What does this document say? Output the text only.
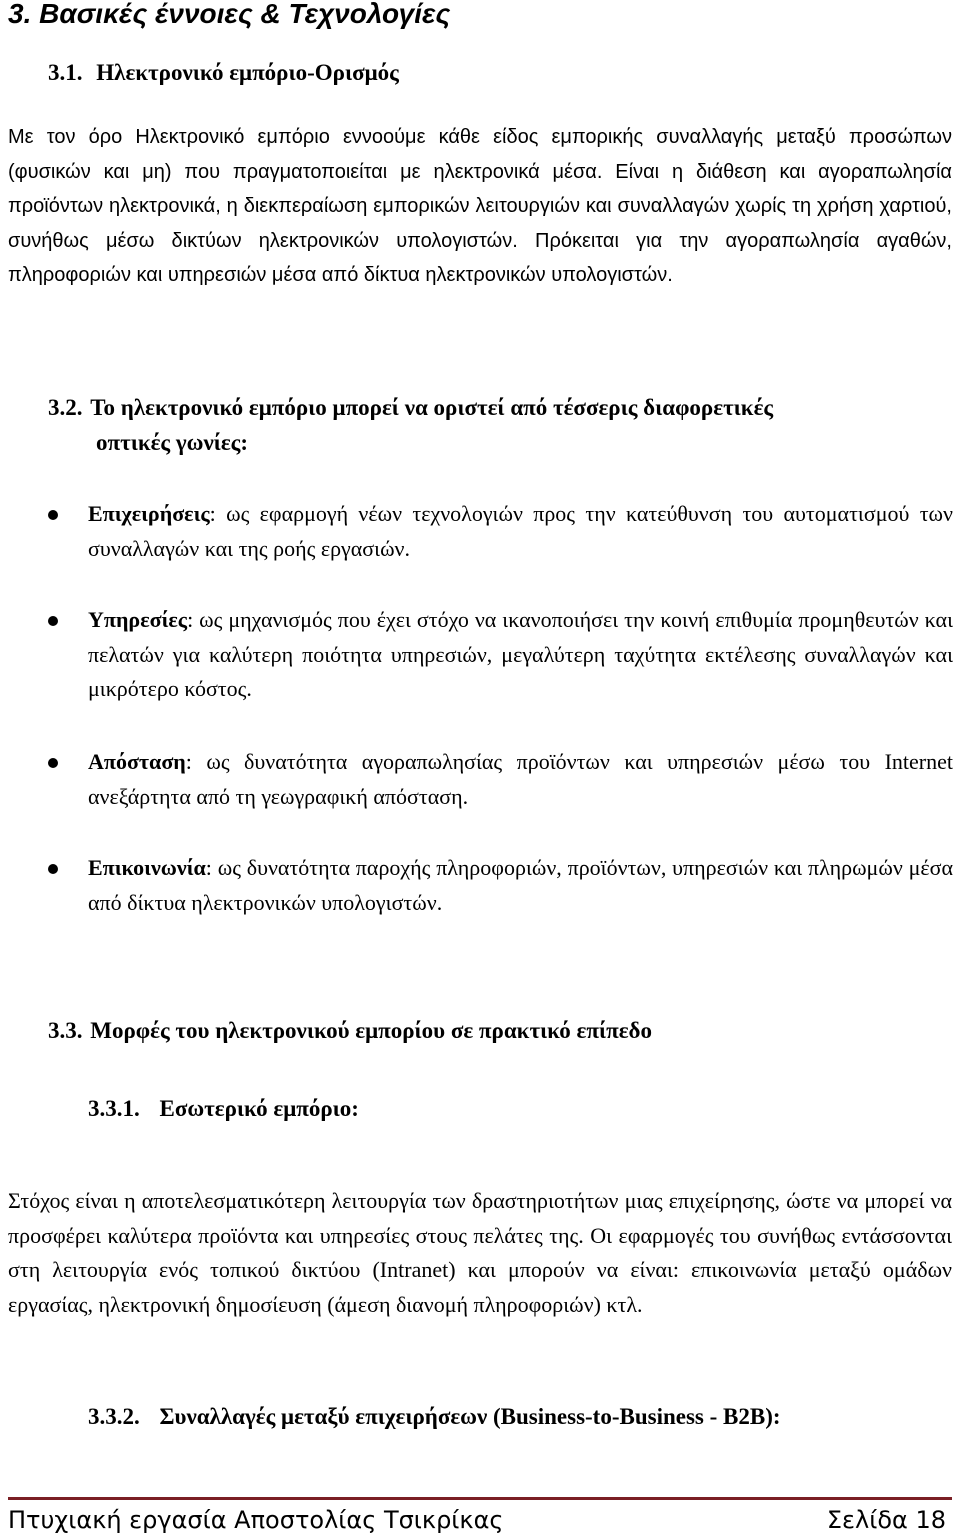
3. Βασικές έννοιες & Τεχνολογίες
3.1. Ηλεκτρονικό εμπόριο-Ορισμός

Με τον όρο Ηλεκτρονικό εμπόριο εννοούμε κάθε είδος εμπορικής συναλλαγής μεταξύ προσώπων (φυσικών και μη) που πραγματοποιείται με ηλεκτρονικά μέσα. Είναι η διάθεση και αγοραπωλησία προϊόντων ηλεκτρονικά, η διεκπεραίωση εμπορικών λειτουργιών και συναλλαγών χωρίς τη χρήση χαρτιού, συνήθως μέσω δικτύων ηλεκτρονικών υπολογιστών. Πρόκειται για την αγοραπωλησία αγαθών, πληροφοριών και υπηρεσιών μέσα από δίκτυα ηλεκτρονικών υπολογιστών.

3.2. Το ηλεκτρονικό εμπόριο μπορεί να οριστεί από τέσσερις διαφορετικές
οπτικές γωνίες:

Επιχειρήσεις: ως εφαρμογή νέων τεχνολογιών προς την κατεύθυνση του αυτοματισμού των συναλλαγών και της ροής εργασιών.

Υπηρεσίες: ως μηχανισμός που έχει στόχο να ικανοποιήσει την κοινή επιθυμία προμηθευτών και πελατών για καλύτερη ποιότητα υπηρεσιών, μεγαλύτερη ταχύτητα εκτέλεσης συναλλαγών και μικρότερο κόστος.

Απόσταση: ως δυνατότητα αγοραπωλησίας προϊόντων και υπηρεσιών μέσω του Internet ανεξάρτητα από τη γεωγραφική απόσταση.

Επικοινωνία: ως δυνατότητα παροχής πληροφοριών, προϊόντων, υπηρεσιών και πληρωμών μέσα από δίκτυα ηλεκτρονικών υπολογιστών.

3.3. Μορφές του ηλεκτρονικού εμπορίου σε πρακτικό επίπεδο
3.3.1. Εσωτερικό εμπόριο:

Στόχος είναι η αποτελεσματικότερη λειτουργία των δραστηριοτήτων μιας επιχείρησης, ώστε να μπορεί να προσφέρει καλύτερα προϊόντα και υπηρεσίες στους πελάτες της. Οι εφαρμογές του συνήθως εντάσσονται στη λειτουργία ενός τοπικού δικτύου (Intranet) και μπορούν να είναι: επικοινωνία μεταξύ ομάδων εργασίας, ηλεκτρονική δημοσίευση (άμεση διανομή πληροφοριών) κτλ.

3.3.2. Συναλλαγές μεταξύ επιχειρήσεων (Business-to-Business - B2B):
Πτυχιακή εργασία Αποστολίας Τσικρίκας	Σελίδα 18
